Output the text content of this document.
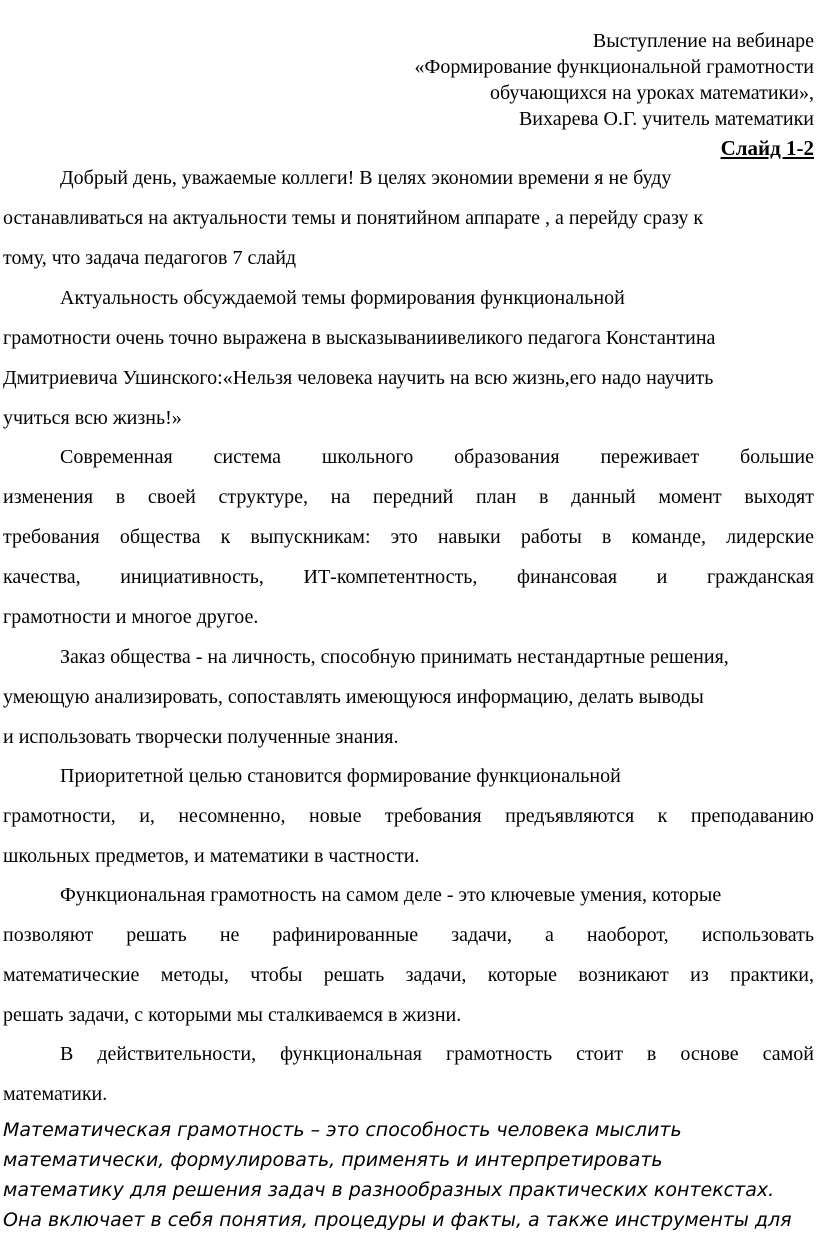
Выступление на вебинаре
«Формирование функциональной грамотности
обучающихся на уроках математики»,
Вихарева О.Г. учитель математики
Слайд 1-2
Добрый день, уважаемые коллеги! В целях экономии времени я не буду
останавливаться на актуальности темы и понятийном аппарате , а перейду сразу к
тому, что задача педагогов 7 слайд
Актуальность обсуждаемой темы формирования функциональной
грамотности очень точно выражена в высказываниивеликого педагога Константина
Дмитриевича Ушинского:«Нельзя человека научить на всю жизнь,его надо научить
учиться всю жизнь!»
Современная система школьного образования переживает большие
изменения в своей структуре, на передний план в данный момент выходят
требования общества к выпускникам: это навыки работы в команде, лидерские
качества, инициативность, ИТ-компетентность, финансовая и гражданская
грамотности и многое другое.
Заказ общества - на личность, способную принимать нестандартные решения,
умеющую анализировать, сопоставлять имеющуюся информацию, делать выводы
и использовать творчески полученные знания.
Приоритетной целью становится формирование функциональной
грамотности, и, несомненно, новые требования предъявляются к преподаванию
школьных предметов, и математики в частности.
Функциональная грамотность на самом деле - это ключевые умения, которые
позволяют решать не рафинированные задачи, а наоборот, использовать
математические методы, чтобы решать задачи, которые возникают из практики,
решать задачи, с которыми мы сталкиваемся в жизни.
В действительности, функциональная грамотность стоит в основе самой
математики.
Математическая грамотность – это способность человека мыслить
математически, формулировать, применять и интерпретировать
математику для решения задач в разнообразных практических контекстах.
Она включает в себя понятия, процедуры и факты, а также инструменты для
